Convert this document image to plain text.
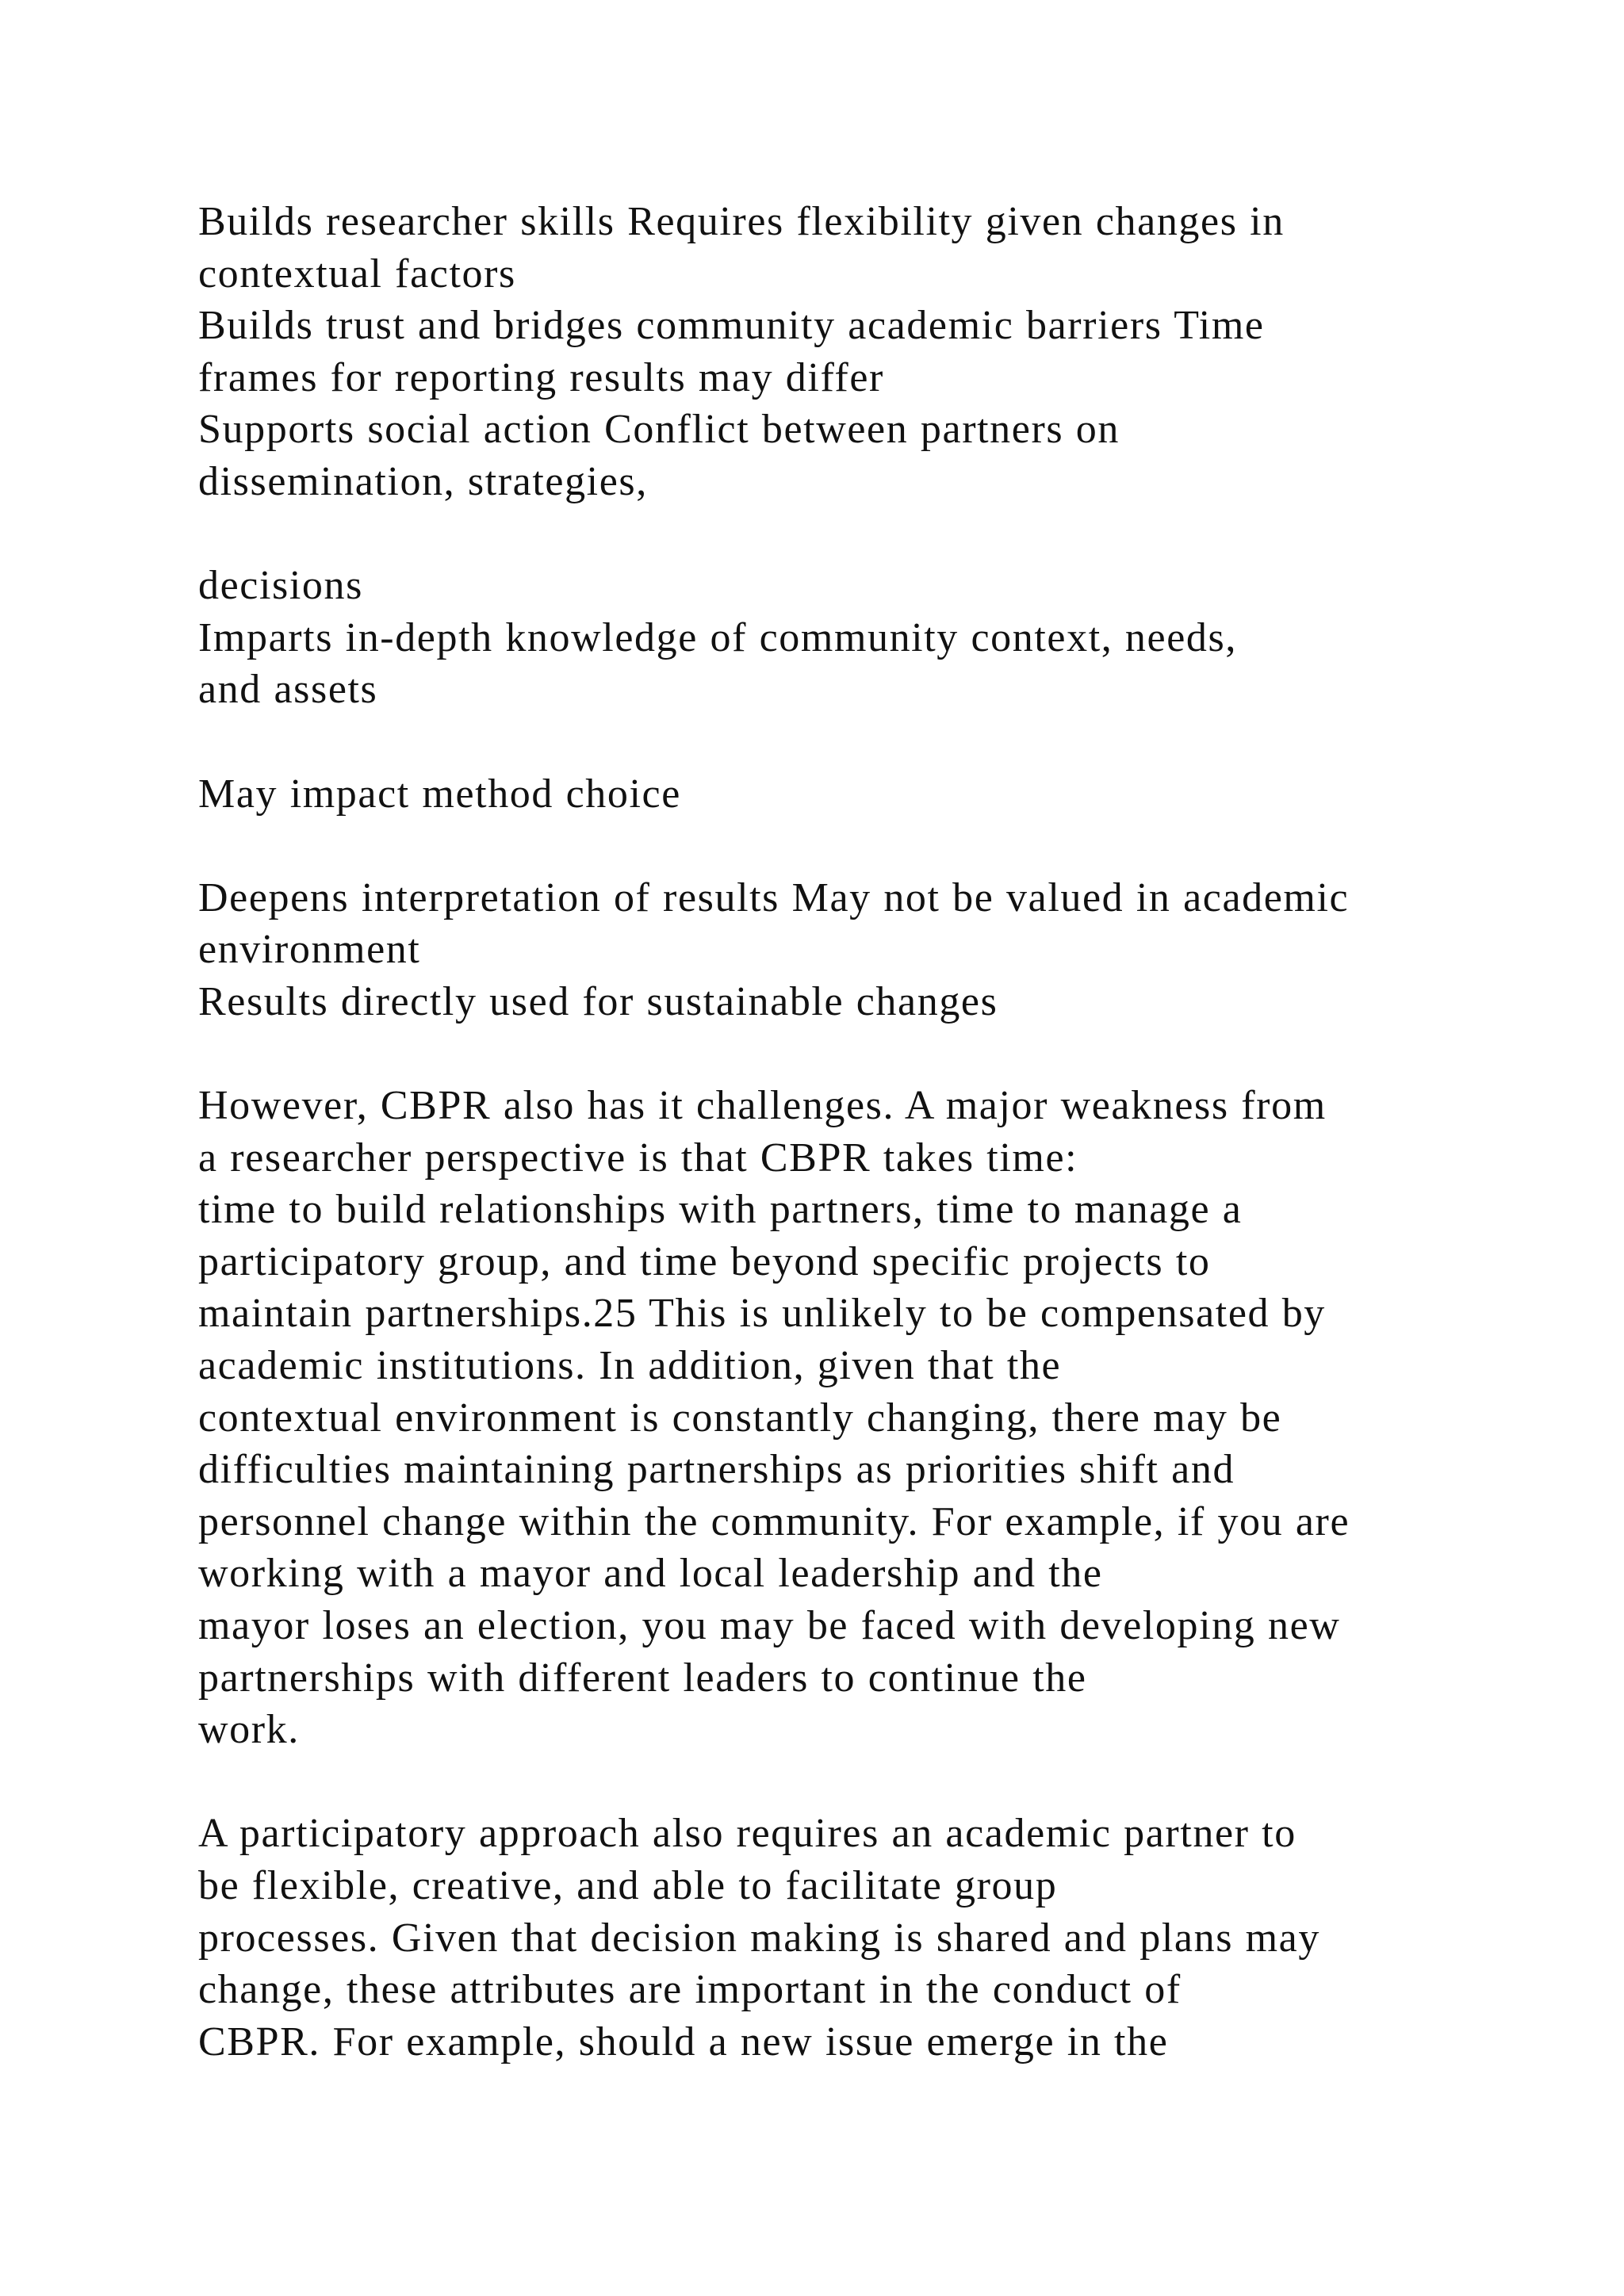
Builds researcher skills Requires flexibility given changes in
contextual factors
Builds trust and bridges community academic barriers Time
frames for reporting results may differ
Supports social action Conflict between partners on
dissemination, strategies,
decisions
Imparts in-depth knowledge of community context, needs,
and assets
May impact method choice
Deepens interpretation of results May not be valued in academic
environment
Results directly used for sustainable changes
However, CBPR also has it challenges. A major weakness from
a researcher perspective is that CBPR takes time:
time to build relationships with partners, time to manage a
participatory group, and time beyond specific projects to
maintain partnerships.25 This is unlikely to be compensated by
academic institutions. In addition, given that the
contextual environment is constantly changing, there may be
difficulties maintaining partnerships as priorities shift and
personnel change within the community. For example, if you are
working with a mayor and local leadership and the
mayor loses an election, you may be faced with developing new
partnerships with different leaders to continue the
work.
A participatory approach also requires an academic partner to
be flexible, creative, and able to facilitate group
processes. Given that decision making is shared and plans may
change, these attributes are important in the conduct of
CBPR. For example, should a new issue emerge in the
